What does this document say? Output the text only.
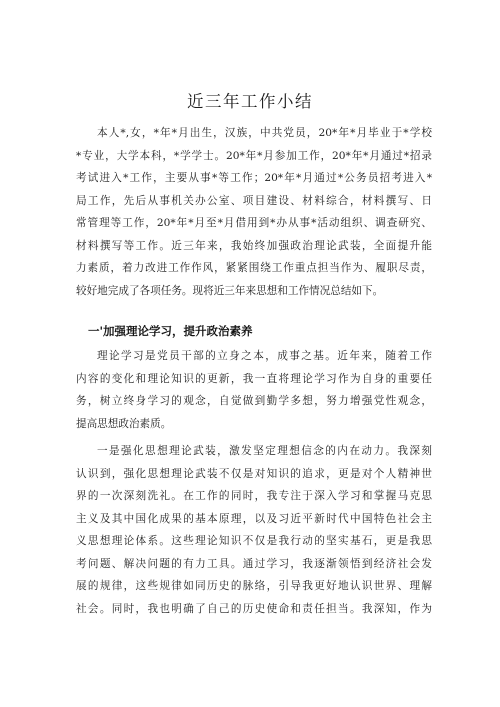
近三年工作小结
本人*,女，*年*月出生，汉族，中共党员，20*年*月毕业于*学校
*专业，大学本科，*学学士。20*年*月参加工作，20*年*月通过*招录
考试进入*工作，主要从事*等工作；20*年*月通过*公务员招考进入*
局工作，先后从事机关办公室、项目建设、材料综合，材料撰写、日
常管理等工作，20*年*月至*月借用到*办从事*活动组织、调查研究、
材料撰写等工作。近三年来，我始终加强政治理论武装，全面提升能
力素质，着力改进工作作风，紧紧围绕工作重点担当作为、履职尽责，
较好地完成了各项任务。现将近三年来思想和工作情况总结如下。
一'加强理论学习，提升政治素养
理论学习是党员干部的立身之本，成事之基。近年来，随着工作
内容的变化和理论知识的更新，我一直将理论学习作为自身的重要任
务，树立终身学习的观念，自觉做到勤学多想，努力增强党性观念，
提高思想政治素质。
一是强化思想理论武装，激发坚定理想信念的内在动力。我深刻
认识到，强化思想理论武装不仅是对知识的追求，更是对个人精神世
界的一次深刻洗礼。在工作的同时，我专注于深入学习和掌握马克思
主义及其中国化成果的基本原理，以及习近平新时代中国特色社会主
义思想理论体系。这些理论知识不仅是我行动的坚实基石，更是我思
考问题、解决问题的有力工具。通过学习，我逐渐领悟到经济社会发
展的规律，这些规律如同历史的脉络，引导我更好地认识世界、理解
社会。同时，我也明确了自己的历史使命和责任担当。我深知，作为
